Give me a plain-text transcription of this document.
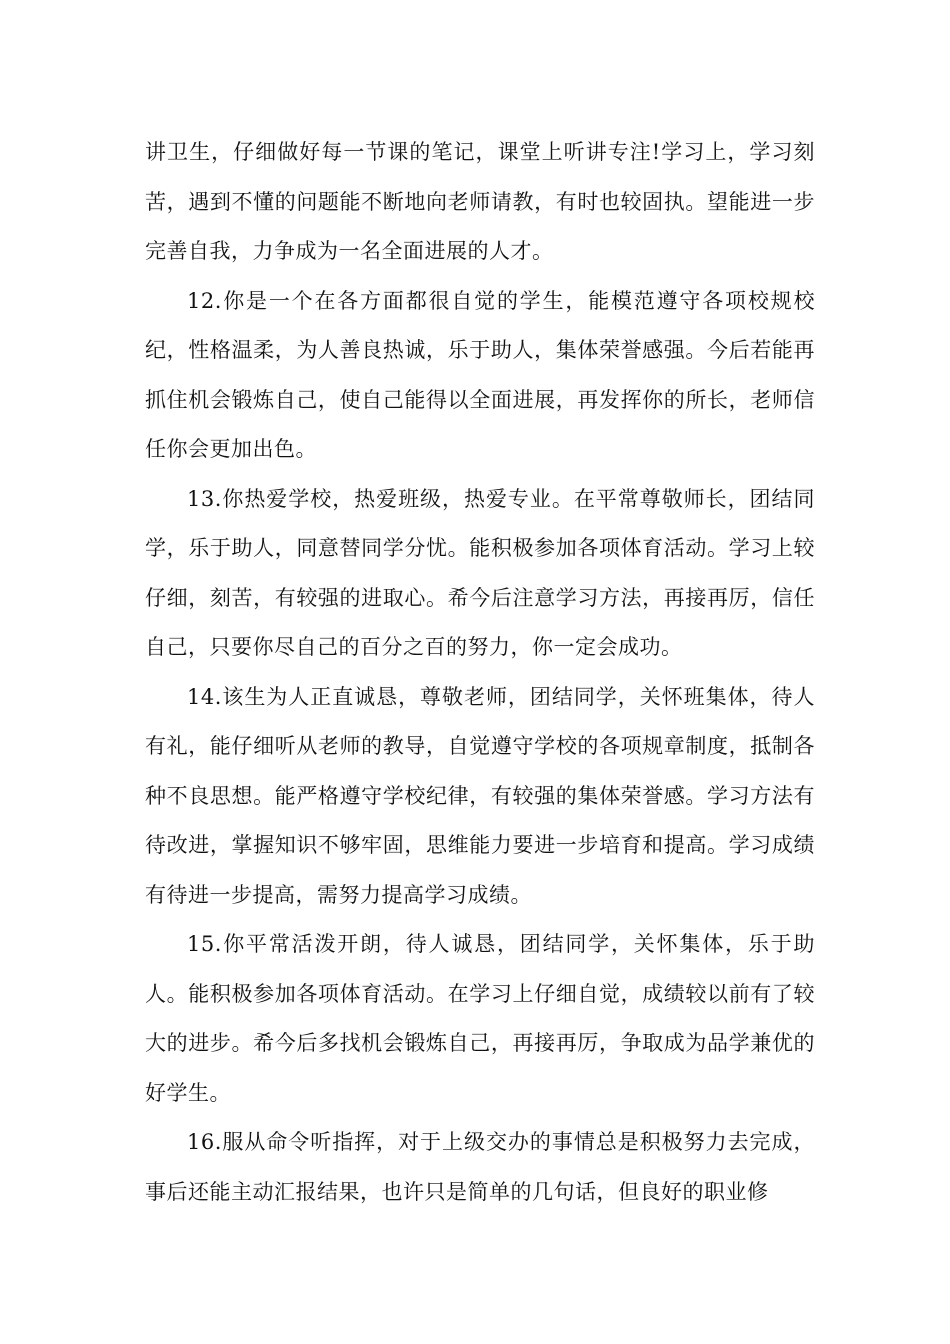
讲卫生，仔细做好每一节课的笔记，课堂上听讲专注!学习上，学习刻苦，遇到不懂的问题能不断地向老师请教，有时也较固执。望能进一步完善自我，力争成为一名全面进展的人才。

12.你是一个在各方面都很自觉的学生，能模范遵守各项校规校纪，性格温柔，为人善良热诚，乐于助人，集体荣誉感强。今后若能再抓住机会锻炼自己，使自己能得以全面进展，再发挥你的所长，老师信任你会更加出色。

13.你热爱学校，热爱班级，热爱专业。在平常尊敬师长，团结同学，乐于助人，同意替同学分忧。能积极参加各项体育活动。学习上较仔细，刻苦，有较强的进取心。希今后注意学习方法，再接再厉，信任自己，只要你尽自己的百分之百的努力，你一定会成功。

14.该生为人正直诚恳，尊敬老师，团结同学，关怀班集体，待人有礼，能仔细听从老师的教导，自觉遵守学校的各项规章制度，抵制各种不良思想。能严格遵守学校纪律，有较强的集体荣誉感。学习方法有待改进，掌握知识不够牢固，思维能力要进一步培育和提高。学习成绩有待进一步提高，需努力提高学习成绩。

15.你平常活泼开朗，待人诚恳，团结同学，关怀集体，乐于助人。能积极参加各项体育活动。在学习上仔细自觉，成绩较以前有了较大的进步。希今后多找机会锻炼自己，再接再厉，争取成为品学兼优的好学生。

16.服从命令听指挥，对于上级交办的事情总是积极努力去完成，事后还能主动汇报结果，也许只是简单的几句话，但良好的职业修
